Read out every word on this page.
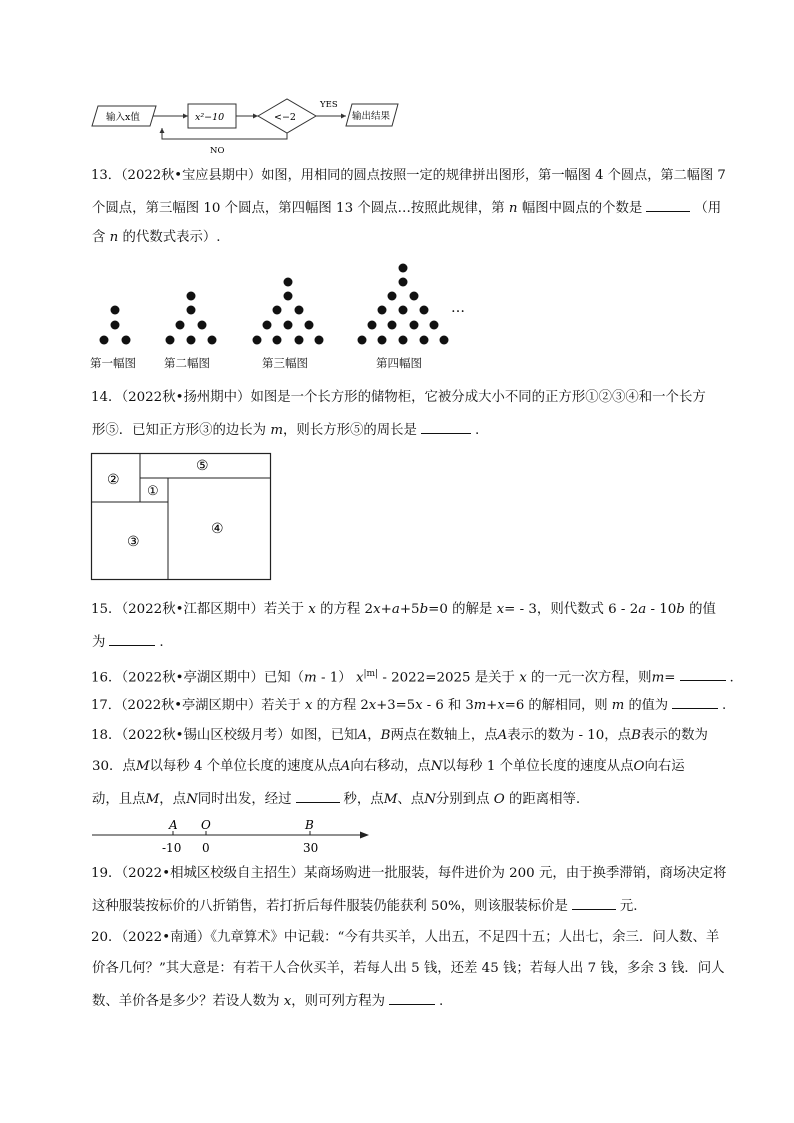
输入x值	x²−10	<−2
YES
输出结果
NO
13．（2022秋•宝应县期中）如图，用相同的圆点按照一定的规律拼出图形，第一幅图 4 个圆点，第二幅图 7
个圆点，第三幅图 10 个圆点，第四幅图 13 个圆点…按照此规律，第 n 幅图中圆点的个数是	（用
含 n 的代数式表示）.
…
第一幅图 第二幅图	第三幅图	第四幅图
14．（2022秋•扬州期中）如图是一个长方形的储物柜，它被分成大小不同的正方形①②③④和一个长方
形⑤．已知正方形③的边长为 m，则长方形⑤的周长是	.
②
⑤
①
④
③
15．（2022秋•江都区期中）若关于 x 的方程 2x+a+5b=0 的解是 x= - 3，则代数式 6 - 2a - 10b 的值
为	.
16．（2022秋•亭湖区期中）已知（m - 1） $x^{|m|} - 2022=2025$ 是关于 x 的一元一次方程，则m=	.
17．（2022秋•亭湖区期中）若关于 x 的方程 2x+3=5x - 6 和 3m+x=6 的解相同，则 m 的值为	.
18．（2022秋•锡山区校级月考）如图，已知A，B两点在数轴上，点A表示的数为 - 10，点B表示的数为
30．点M以每秒 4 个单位长度的速度从点A向右移动，点N以每秒 1 个单位长度的速度从点O向右运
动，且点M，点N同时出发，经过	秒，点M、点N分别到点 O 的距离相等.
A O	B
-10 0	30
19．（2022•相城区校级自主招生）某商场购进一批服装，每件进价为 200 元，由于换季滞销，商场决定将
这种服装按标价的八折销售，若打折后每件服装仍能获利 50%，则该服装标价是	元.
20．（2022•南通）《九章算术》中记载：“今有共买羊，人出五，不足四十五；人出七，余三．问人数、羊
价各几何？”其大意是：有若干人合伙买羊，若每人出 5 钱，还差 45 钱；若每人出 7 钱，多余 3 钱．问人
数、羊价各是多少？若设人数为 x，则可列方程为	.
